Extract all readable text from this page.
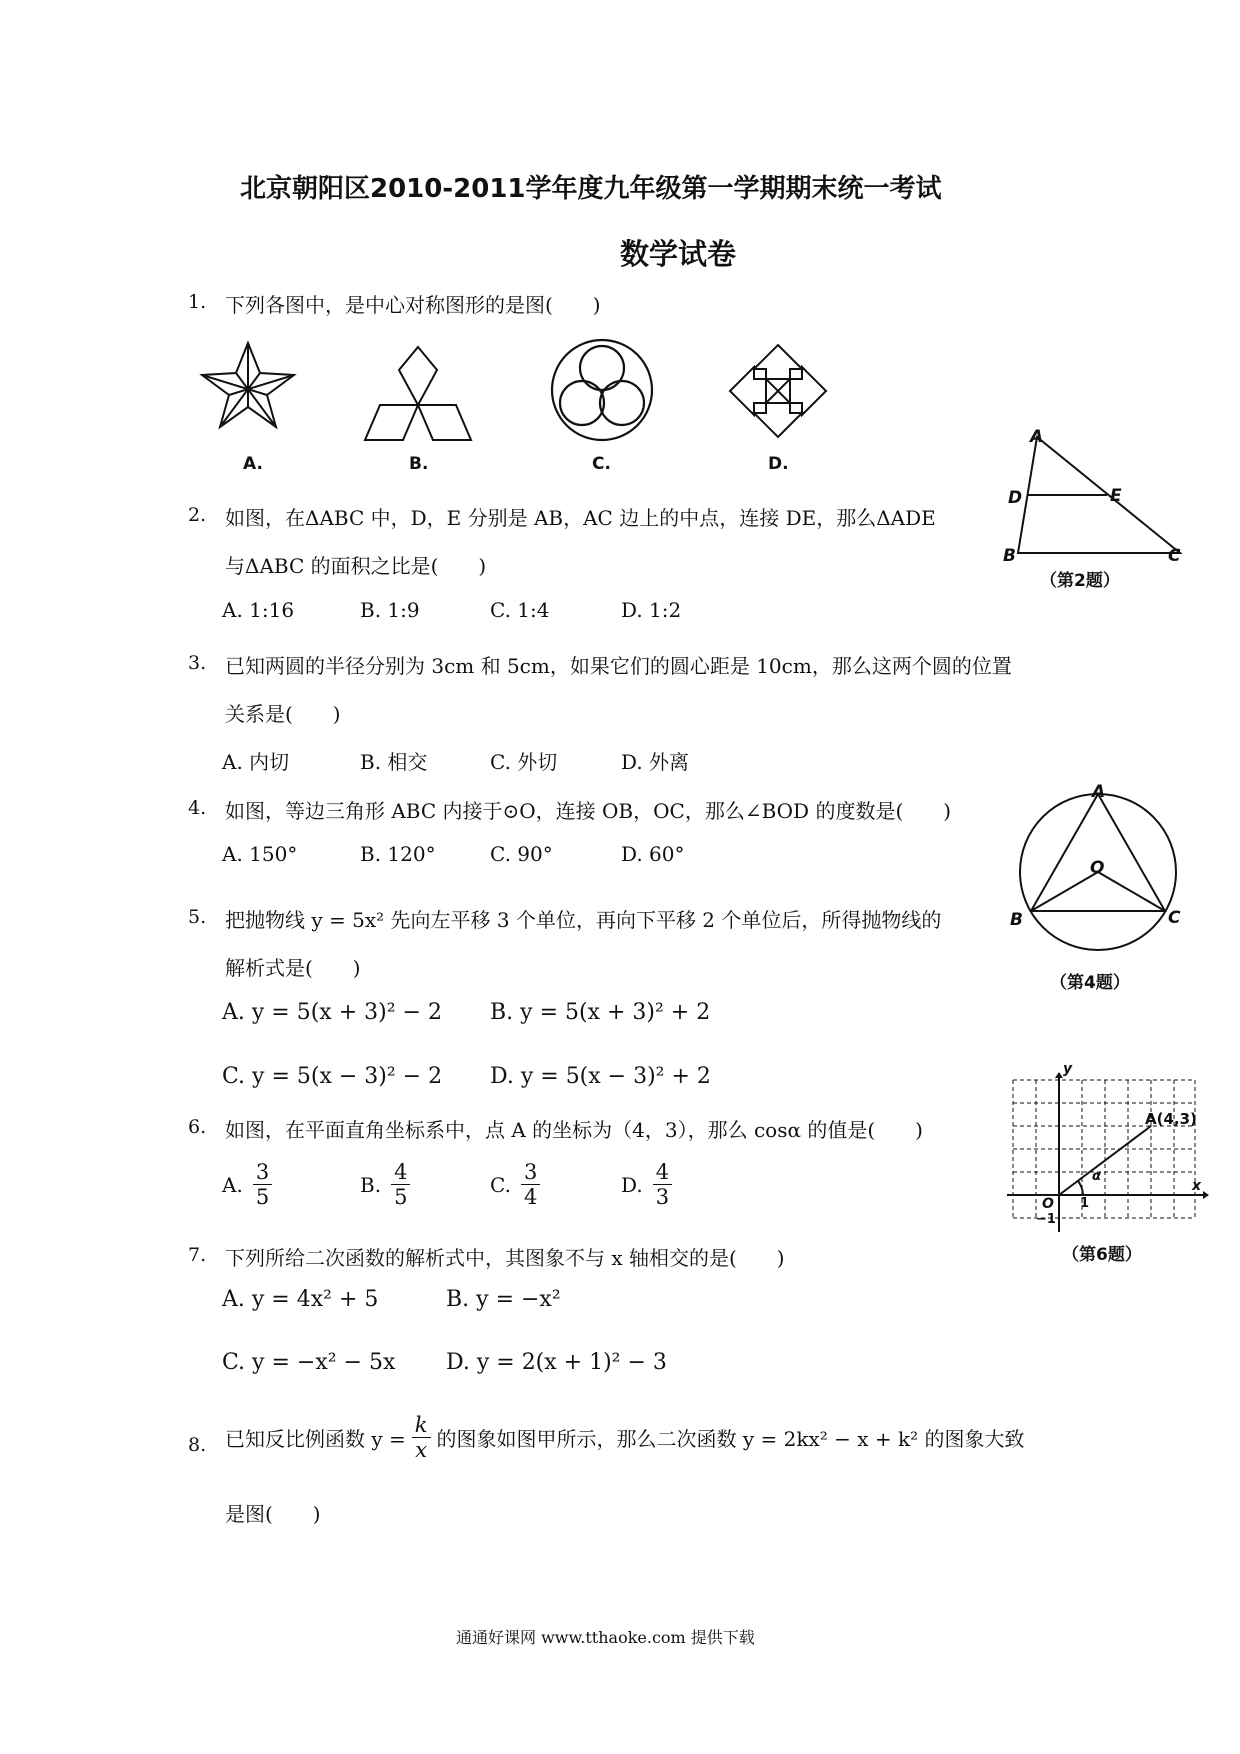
北京朝阳区2010-2011学年度九年级第一学期期末统一考试
数学试卷
1. 下列各图中，是中心对称图形的是图(　　)
A.	B.	C.	D.
A
D	E
B	C
（第2题）
2. 如图，在ΔABC 中，D，E 分别是 AB，AC 边上的中点，连接 DE，那么ΔADE
与ΔABC 的面积之比是(　　)
A. 1:16	B. 1:9	C. 1:4	D. 1:2
3. 已知两圆的半径分别为 3cm 和 5cm，如果它们的圆心距是 10cm，那么这两个圆的位置
关系是(　　)
A. 内切	B. 相交	C. 外切	D. 外离
4. 如图，等边三角形 ABC 内接于⊙O，连接 OB，OC，那么∠BOD 的度数是(　　)
A. 150°	B. 120°	C. 90°	D. 60°
A
O
B	C
（第4题）
5. 把抛物线 y = 5x² 先向左平移 3 个单位，再向下平移 2 个单位后，所得抛物线的
解析式是(　　)
A. y = 5(x + 3)² − 2 B. y = 5(x + 3)² + 2
C. y = 5(x − 3)² − 2 D. y = 5(x − 3)² + 2
A(4,3)
y
x
O 1
−1
α
（第6题）
6. 如图，在平面直角坐标系中，点 A 的坐标为（4，3），那么 cosα 的值是(　　)
A. $\frac{3}{5}$	B. $\frac{4}{5}$	C. $\frac{3}{4}$	D. $\frac{4}{3}$
7. 下列所给二次函数的解析式中，其图象不与 x 轴相交的是(　　)
A. y = 4x² + 5	B. y = −x²
C. y = −x² − 5x D. y = 2(x + 1)² − 3
8. 已知反比例函数 $y = \frac{k}{x}$ 的图象如图甲所示，那么二次函数 y = 2kx² − x + k² 的图象大致
是图(　　)
通通好课网 www.tthaoke.com 提供下载
